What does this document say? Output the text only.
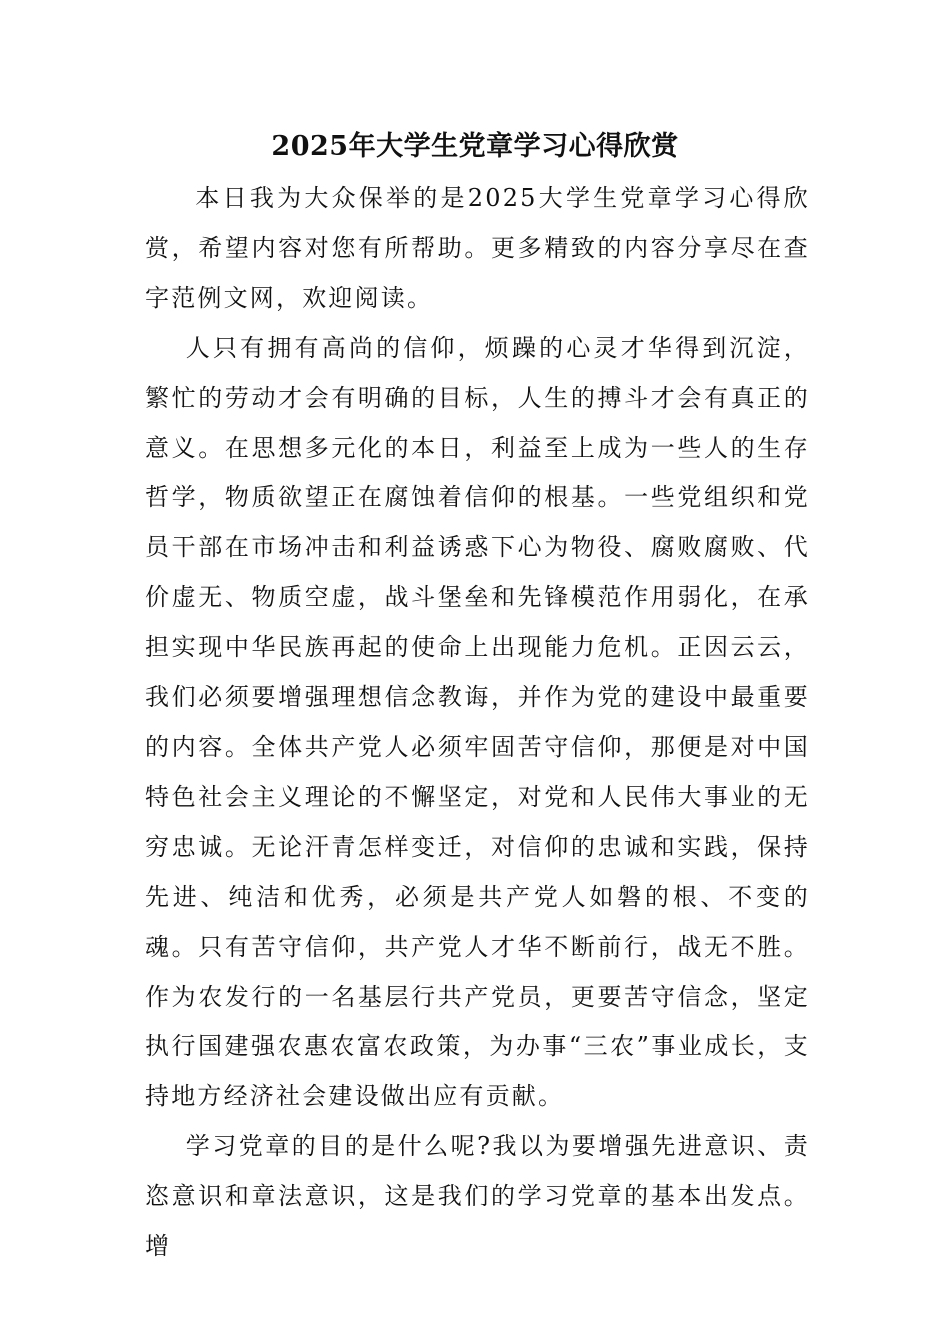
2025年大学生党章学习心得欣赏

本日我为大众保举的是2025大学生党章学习心得欣赏，希望内容对您有所帮助。更多精致的内容分享尽在查字范例文网，欢迎阅读。

人只有拥有高尚的信仰，烦躁的心灵才华得到沉淀，繁忙的劳动才会有明确的目标，人生的搏斗才会有真正的意义。在思想多元化的本日，利益至上成为一些人的生存哲学，物质欲望正在腐蚀着信仰的根基。一些党组织和党员干部在市场冲击和利益诱惑下心为物役、腐败腐败、代价虚无、物质空虚，战斗堡垒和先锋模范作用弱化，在承担实现中华民族再起的使命上出现能力危机。正因云云，我们必须要增强理想信念教诲，并作为党的建设中最重要的内容。全体共产党人必须牢固苦守信仰，那便是对中国特色社会主义理论的不懈坚定，对党和人民伟大事业的无穷忠诚。无论汗青怎样变迁，对信仰的忠诚和实践，保持先进、纯洁和优秀，必须是共产党人如磐的根、不变的魂。只有苦守信仰，共产党人才华不断前行，战无不胜。作为农发行的一名基层行共产党员，更要苦守信念，坚定执行国建强农惠农富农政策，为办事“三农”事业成长，支持地方经济社会建设做出应有贡献。

学习党章的目的是什么呢?我以为要增强先进意识、责恣意识和章法意识，这是我们的学习党章的基本出发点。增
